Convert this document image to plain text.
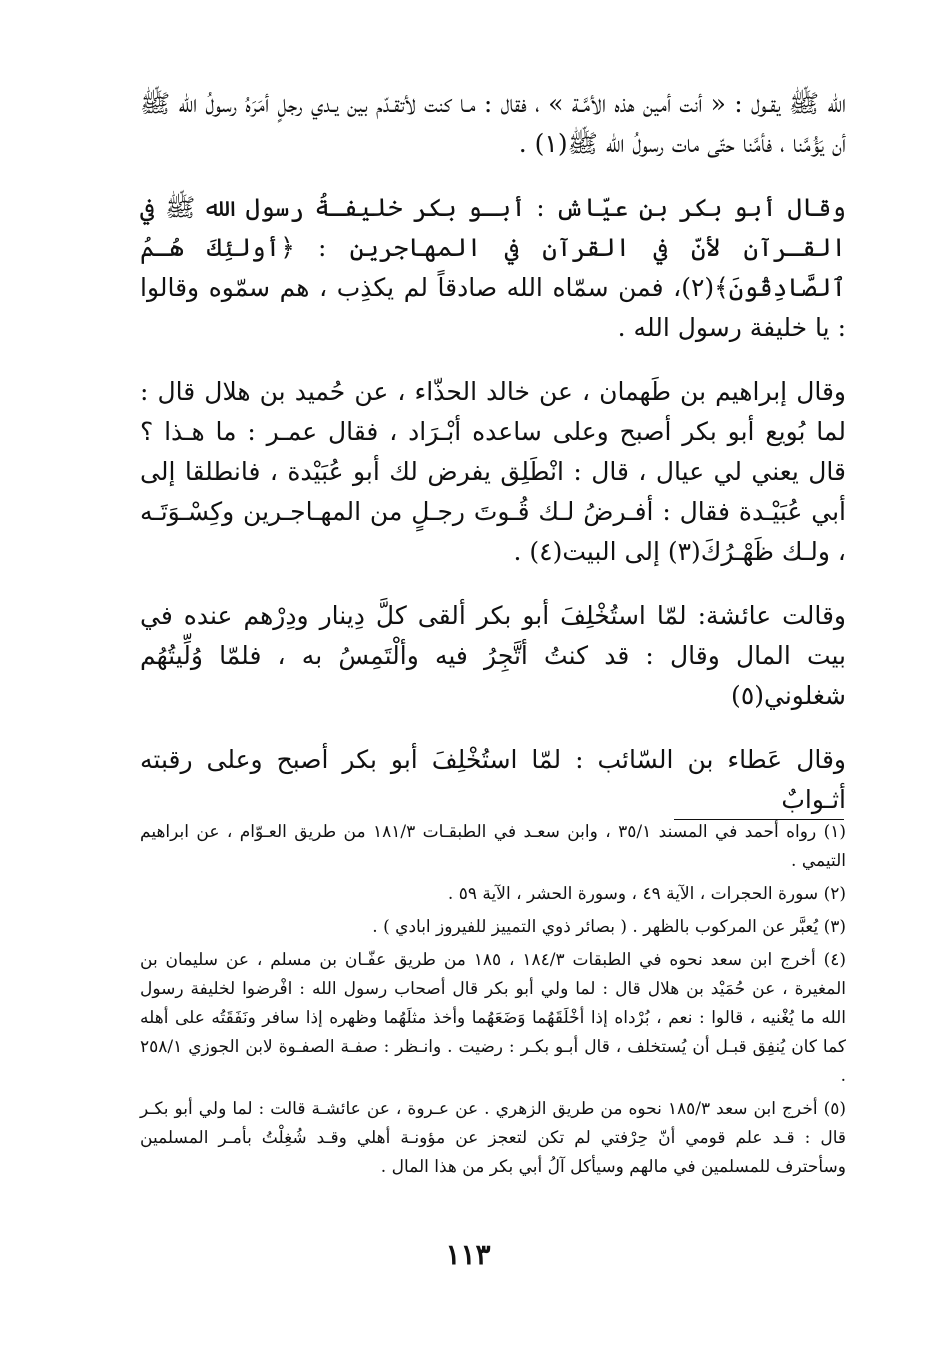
الله ﷺ يقـول : « أنت أمين هذه الأمَّـة » ، فقال : مـا كنت لأتقـدّم بين يـدي رجلٍ أمَرَهُ رسولُ الله ﷺ أن يَؤُمَّنا ، فأمَّنا حتّى مات رسولُ الله ﷺ(١) .

وقال أبو بكر بن عيّاش : أبـو بكر خليفـةُ رسول الله ﷺ في القـرآن لأنّ في القرآن في المهاجرين : ﴿أولئِكَ هُـمُ ٱلصَّادِقُونَ﴾(٢)، فمن سمّاه الله صادقاً لم يكذِب ، هم سمّوه وقالوا : يا خليفة رسول الله .

وقال إبراهيم بن طَهمان ، عن خالد الحذّاء ، عن حُميد بن هلال قال : لما بُويع أبو بكر أصبح وعلى ساعده أبْـرَاد ، فقال عمـر : ما هـذا ؟ قال يعني لي عيال ، قال : انْطَلِق يفرض لك أبو عُبَيْدة ، فانطلقا إلى أبي عُبَيْـدة فقال : أفـرضُ لـك قُـوتَ رجـلٍ من المهـاجـرين وكِسْـوَتَـه ، ولـك ظَهْـرُكَ(٣) إلى البيت(٤) .

وقالت عائشة: لمّا استُخْلِفَ أبو بكر ألقى كلَّ دِينار ودِرْهم عنده في بيت المال وقال : قد كنتُ أتَّجِرُ فيه وألْتَمِسُ به ، فلمّا وُلِّيتُهُم شغلوني(٥)

وقال عَطاء بن السّائب : لمّا استُخْلِفَ أبو بكر أصبح وعلى رقبته أثـوابٌ

(١) رواه أحمد في المسند ٣٥/١ ، وابن سعـد في الطبقـات ١٨١/٣ من طريق العـوّام ، عن ابراهيم التيمي .

(٢) سورة الحجرات ، الآية ٤٩ ، وسورة الحشر ، الآية ٥٩ .

(٣) يُعبَّر عن المركوب بالظهر . ( بصائر ذوي التمييز للفيروز ابادي ) .

(٤) أخرج ابن سعد نحوه في الطبقات ١٨٤/٣ ، ١٨٥ من طريق عفّـان بن مسلم ، عن سليمان بن المغيرة ، عن حُمَيْد بن هلال قال : لما ولي أبو بكر قال أصحاب رسول الله : افْرضوا لخليفة رسول الله ما يُغْنيه ، قالوا : نعم ، بُرْداه إذا أخْلَقَهُما وَضَعَهُما وأخذ مثلَهُما وظهره إذا سافر ونَفَقَتُه على أهله كما كان يُنفِق قبـل أن يُستخلف ، قال أبـو بكـر : رضيت . وانـظر : صفـة الصفـوة لابن الجوزي ٢٥٨/١ .

(٥) أخرج ابن سعد ١٨٥/٣ نحوه من طريق الزهري . عن عـروة ، عن عائشـة قالت : لما ولي أبو بكـر قال : قـد علم قومي أنّ حِرْفتي لم تكن لتعجز عن مؤونـة أهلي وقـد شُغِلْتُ بأمـر المسلمين وسأحترف للمسلمين في مالهم وسيأكل آلُ أبي بكر من هذا المال .

١١٣
